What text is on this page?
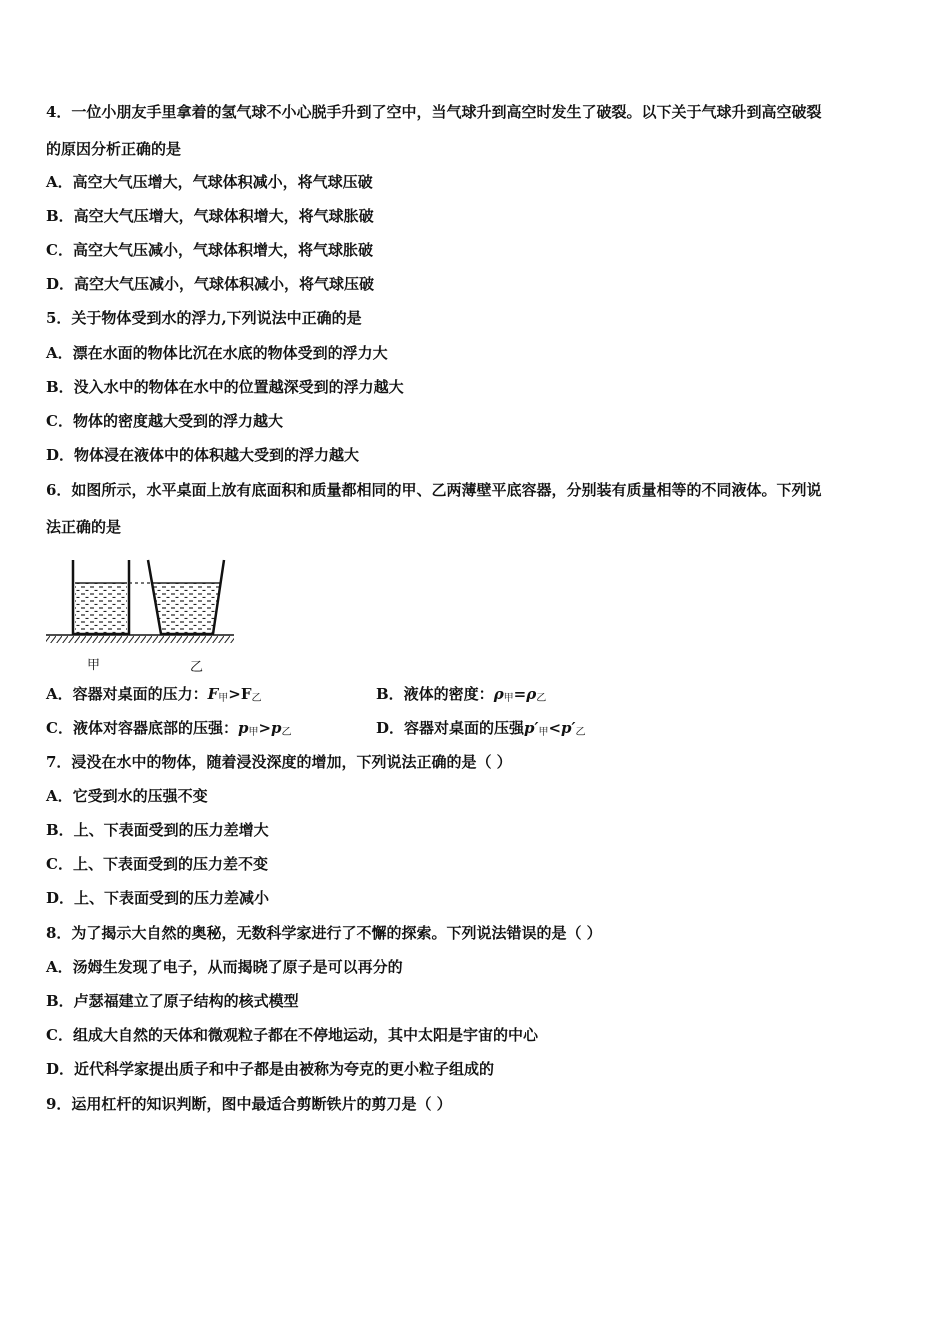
4．一位小朋友手里拿着的氢气球不小心脱手升到了空中，当气球升到高空时发生了破裂。以下关于气球升到高空破裂
的原因分析正确的是
A．高空大气压增大，气球体积减小，将气球压破
B．高空大气压增大，气球体积增大，将气球胀破
C．高空大气压减小，气球体积增大，将气球胀破
D．高空大气压减小，气球体积减小，将气球压破
5．关于物体受到水的浮力,下列说法中正确的是
A．漂在水面的物体比沉在水底的物体受到的浮力大
B．没入水中的物体在水中的位置越深受到的浮力越大
C．物体的密度越大受到的浮力越大
D．物体浸在液体中的体积越大受到的浮力越大
6．如图所示，水平桌面上放有底面积和质量都相同的甲、乙两薄壁平底容器，分别装有质量相等的不同液体。下列说
法正确的是
甲	乙
A．容器对桌面的压力：$F_甲>F_乙$	B．液体的密度：$\rho_甲=\rho_乙$
C．液体对容器底部的压强：$p_甲>p_乙$	D．容器对桌面的压强$p'_甲<p'_乙$
7．浸没在水中的物体，随着浸没深度的增加，下列说法正确的是（ ）
A．它受到水的压强不变
B．上、下表面受到的压力差增大
C．上、下表面受到的压力差不变
D．上、下表面受到的压力差减小
8．为了揭示大自然的奥秘，无数科学家进行了不懈的探索。下列说法错误的是（ ）
A．汤姆生发现了电子，从而揭晓了原子是可以再分的
B．卢瑟福建立了原子结构的核式模型
C．组成大自然的天体和微观粒子都在不停地运动，其中太阳是宇宙的中心
D．近代科学家提出质子和中子都是由被称为夸克的更小粒子组成的
9．运用杠杆的知识判断，图中最适合剪断铁片的剪刀是（ ）
